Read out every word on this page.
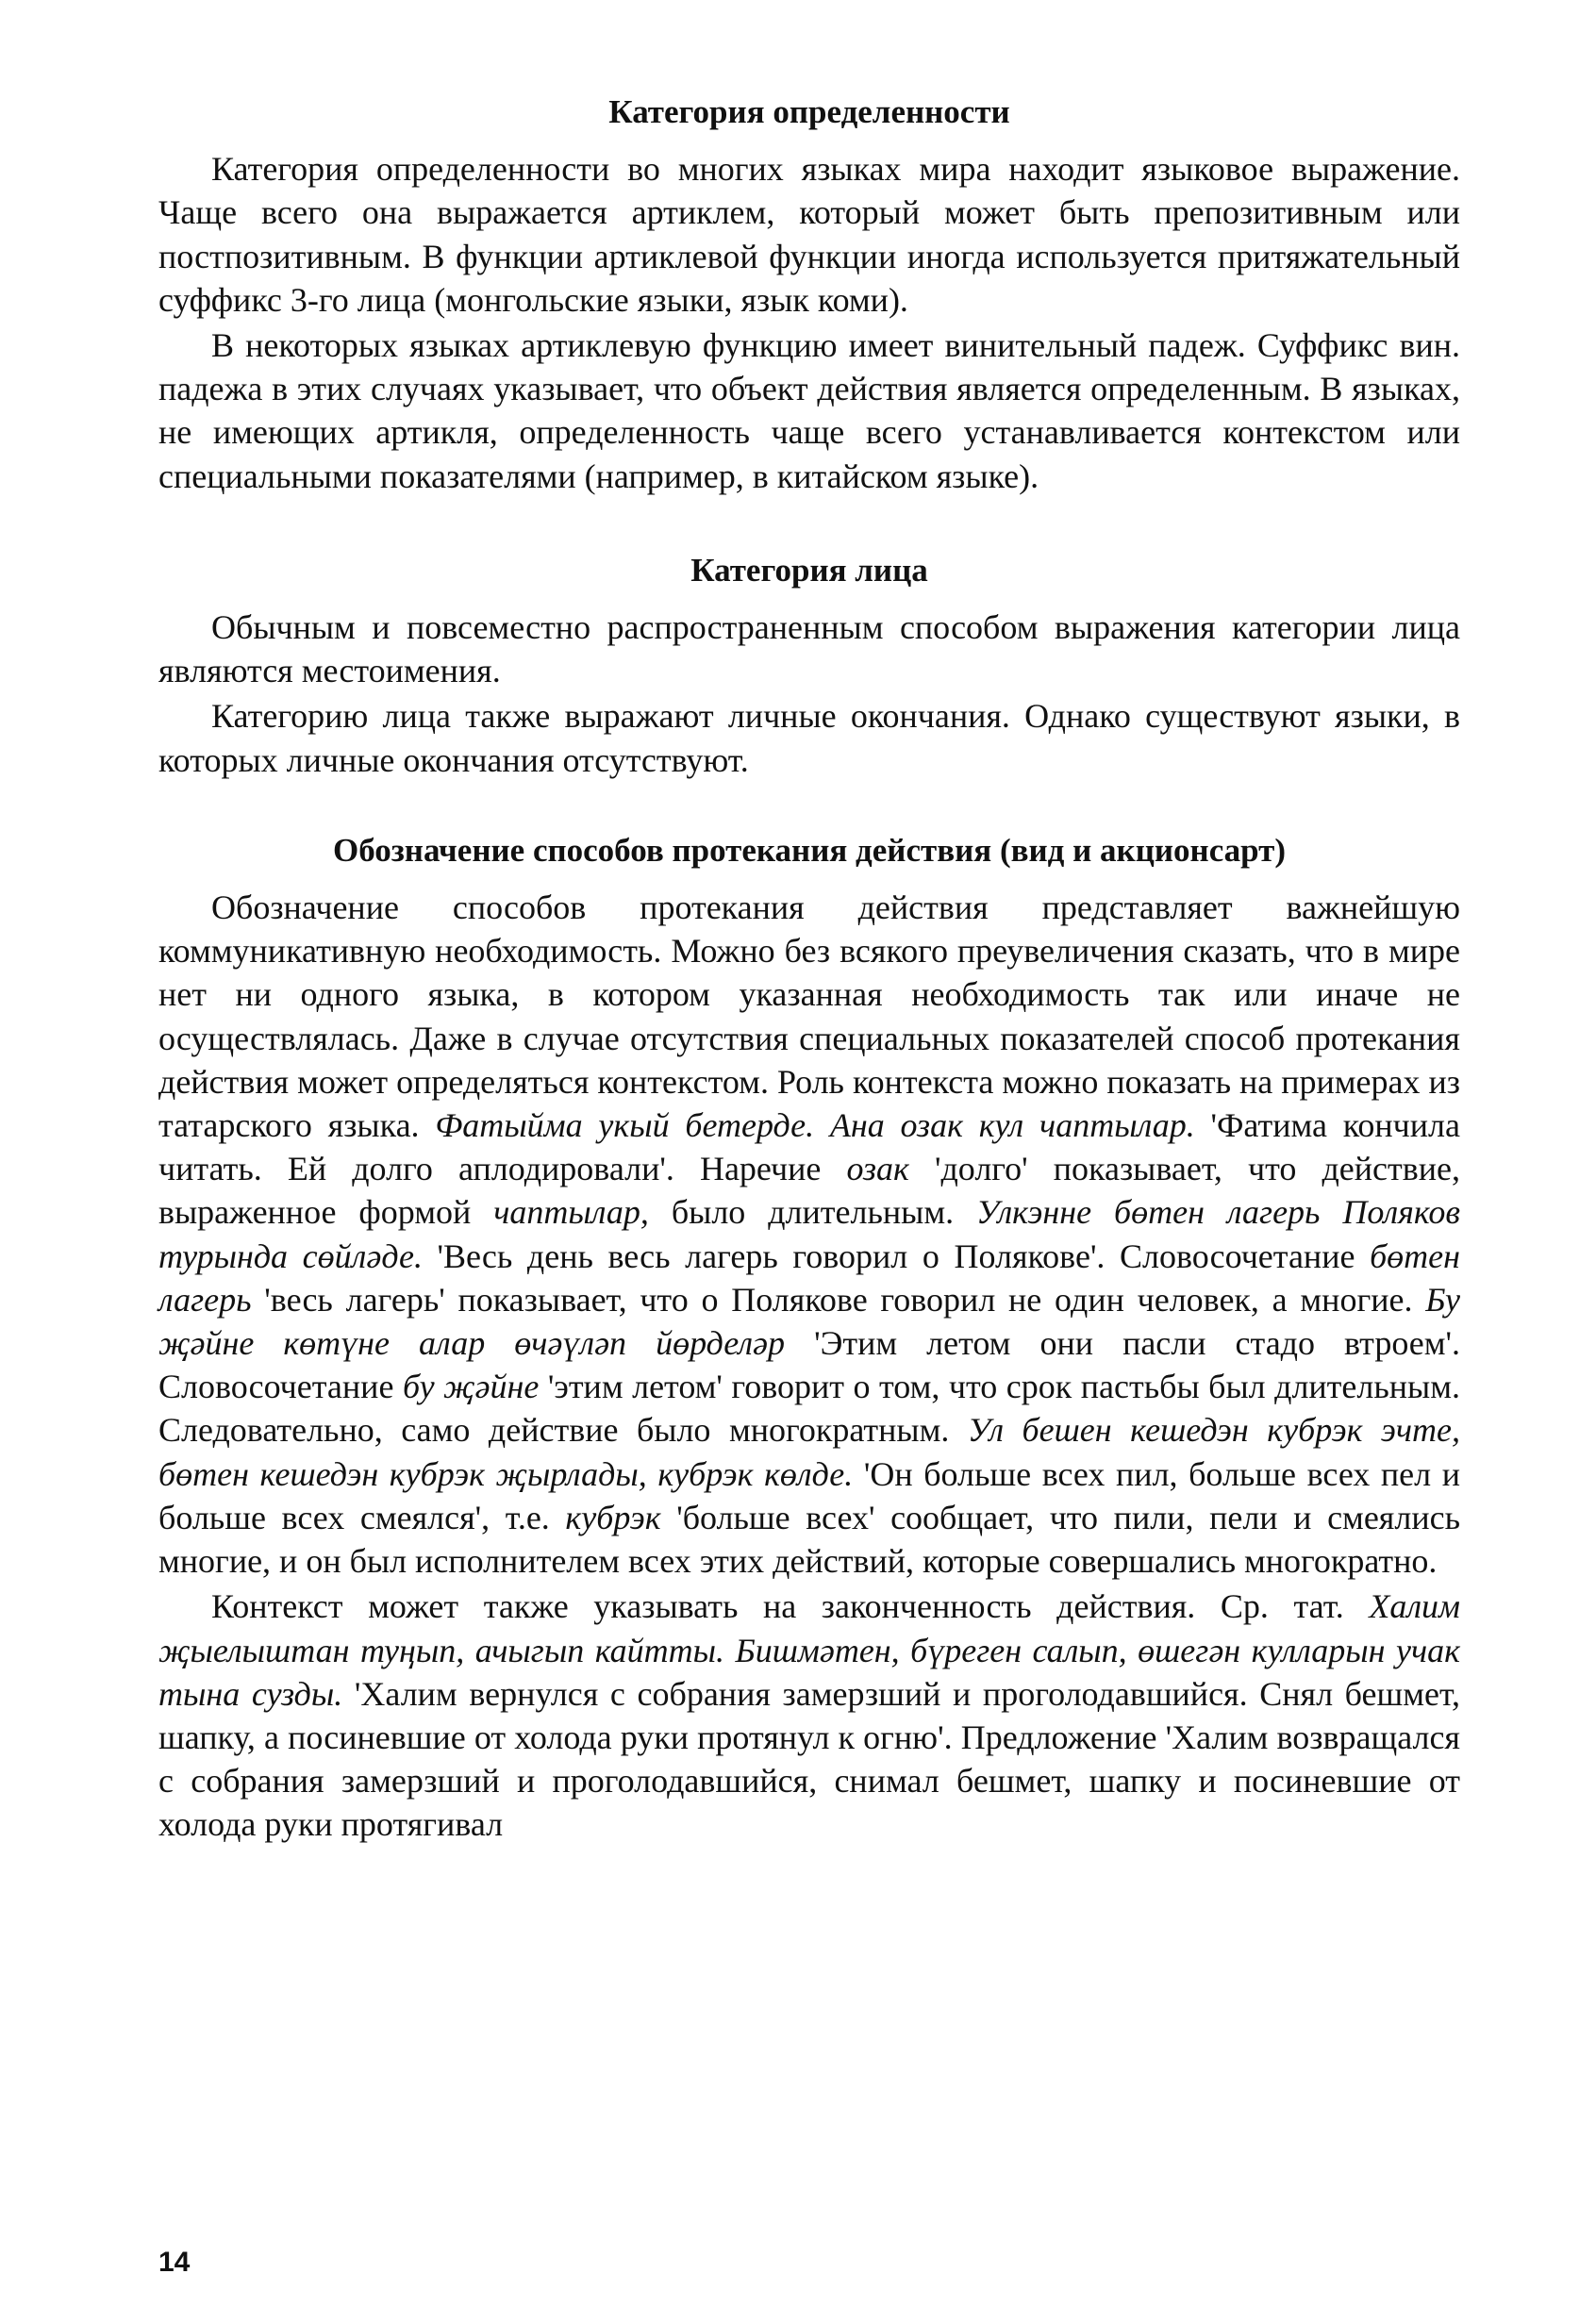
Категория определенности

Категория определенности во многих языках мира находит языковое выражение. Чаще всего она выражается артиклем, который может быть препозитивным или постпозитивным. В функции артиклевой функции иногда используется притяжательный суффикс 3-го лица (монгольские языки, язык коми).

В некоторых языках артиклевую функцию имеет винительный падеж. Суффикс вин. падежа в этих случаях указывает, что объект действия является определенным. В языках, не имеющих артикля, определенность чаще всего устанавливается контекстом или специальными показателями (например, в китайском языке).

Категория лица

Обычным и повсеместно распространенным способом выражения категории лица являются местоимения.

Категорию лица также выражают личные окончания. Однако существуют языки, в которых личные окончания отсутствуют.

Обозначение способов протекания действия (вид и акционсарт)

Обозначение способов протекания действия представляет важнейшую коммуникативную необходимость. Можно без всякого преувеличения сказать, что в мире нет ни одного языка, в котором указанная необходимость так или иначе не осуществлялась. Даже в случае отсутствия специальных показателей способ протекания действия может определяться контекстом. Роль контекста можно показать на примерах из татарского языка. Фатыйма укый бетерде. Ана озак кул чаптылар. 'Фатима кончила читать. Ей долго аплодировали'. Наречие озак 'долго' показывает, что действие, выраженное формой чаптылар, было длительным. Улкэнне бөтен лагерь Поляков турында сөйләде. 'Весь день весь лагерь говорил о Полякове'. Словосочетание бөтен лагерь 'весь лагерь' показывает, что о Полякове говорил не один человек, а многие. Бу җәйне көтүне алар өчәүләп йөрделәр 'Этим летом они пасли стадо втроем'. Словосочетание бу җәйне 'этим летом' говорит о том, что срок пастьбы был длительным. Следовательно, само действие было многократным. Ул бешен кешедэн кубрэк эчте, бөтен кешедэн кубрэк җырлады, кубрэк көлде. 'Он больше всех пил, больше всех пел и больше всех смеялся', т.е. кубрэк 'больше всех' сообщает, что пили, пели и смеялись многие, и он был исполнителем всех этих действий, которые совершались многократно.

Контекст может также указывать на законченность действия. Ср. тат. Халим җыелыштан туңып, ачыгып кайтты. Бишмәтен, бүреген салып, өшегән кулларын учак тына сузды. 'Халим вернулся с собрания замерзший и проголодавшийся. Снял бешмет, шапку, а посиневшие от холода руки протянул к огню'. Предложение 'Халим возвращался с собрания замерзший и проголодавшийся, снимал бешмет, шапку и посиневшие от холода руки протягивал

14
